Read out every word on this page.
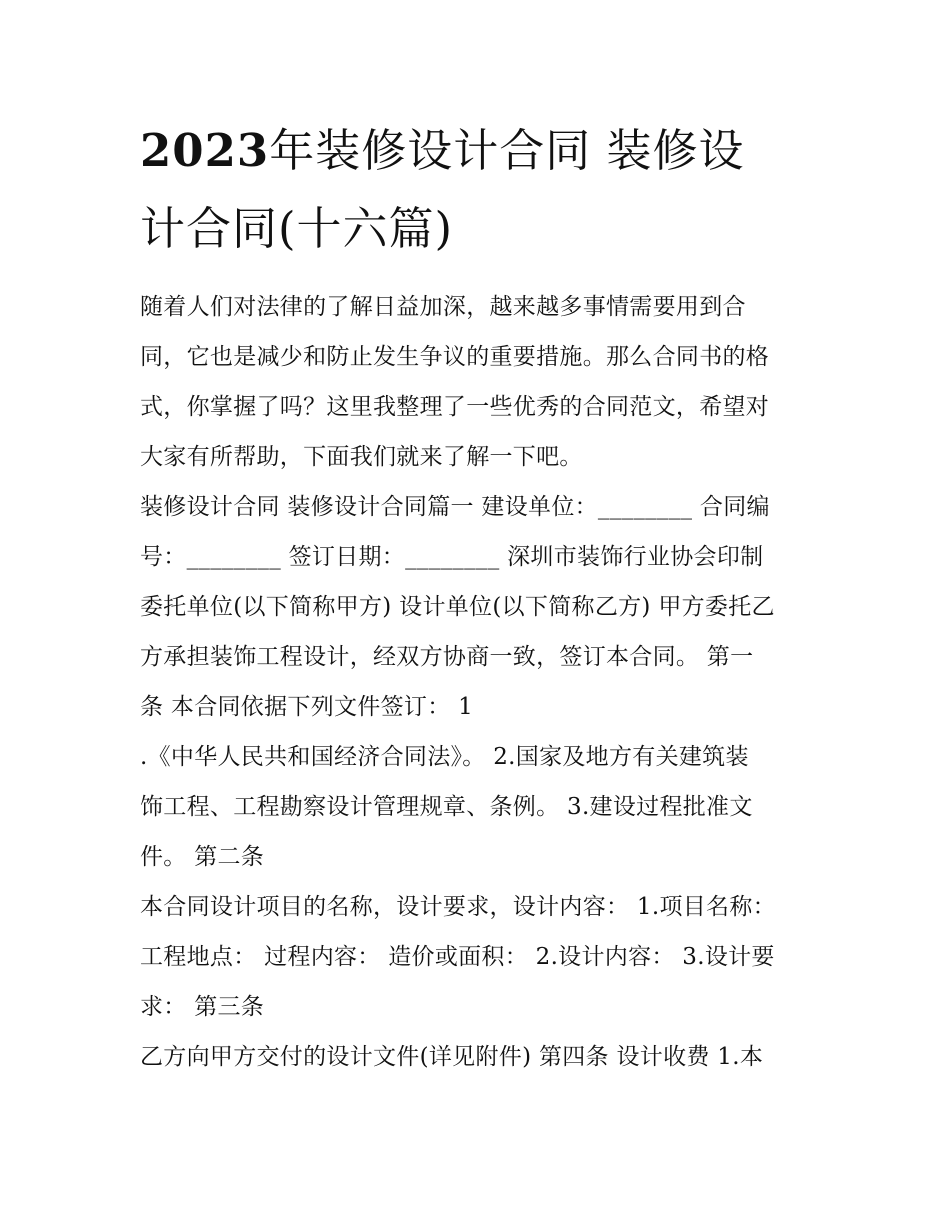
2023年装修设计合同 装修设
计合同(十六篇)

随着人们对法律的了解日益加深，越来越多事情需要用到合
同，它也是减少和防止发生争议的重要措施。那么合同书的格
式，你掌握了吗？这里我整理了一些优秀的合同范文，希望对
大家有所帮助，下面我们就来了解一下吧。

装修设计合同 装修设计合同篇一 建设单位：________ 合同编
号：________ 签订日期：________ 深圳市装饰行业协会印制
委托单位(以下简称甲方) 设计单位(以下简称乙方) 甲方委托乙
方承担装饰工程设计，经双方协商一致，签订本合同。 第一
条 本合同依据下列文件签订： 1

.《中华人民共和国经济合同法》。 2.国家及地方有关建筑装
饰工程、工程勘察设计管理规章、条例。 3.建设过程批准文
件。 第二条

本合同设计项目的名称，设计要求，设计内容： 1.项目名称：
工程地点： 过程内容： 造价或面积： 2.设计内容： 3.设计要
求： 第三条

乙方向甲方交付的设计文件(详见附件) 第四条 设计收费 1.本
